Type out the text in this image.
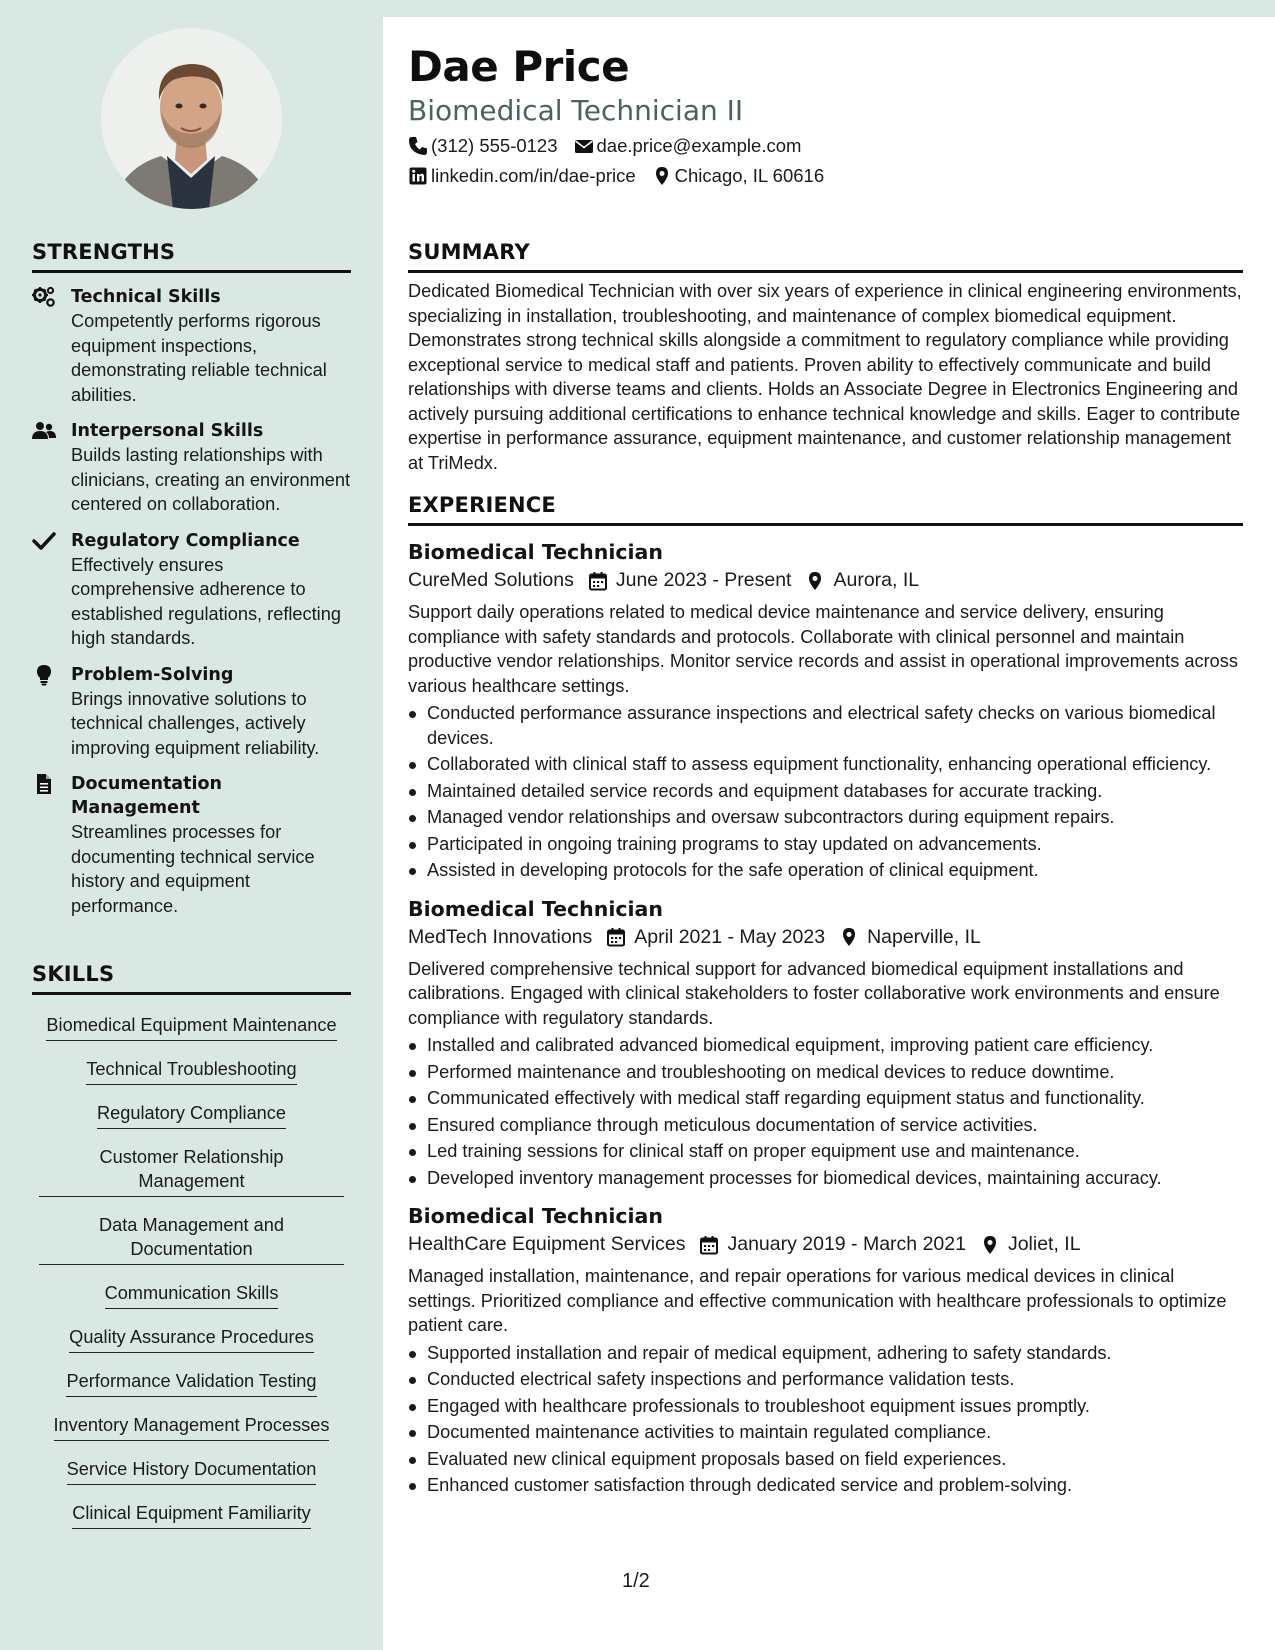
STRENGTHS
Technical Skills
Competently performs rigorous equipment inspections, demonstrating reliable technical abilities.
Interpersonal Skills
Builds lasting relationships with clinicians, creating an environment centered on collaboration.
Regulatory Compliance
Effectively ensures comprehensive adherence to established regulations, reflecting high standards.
Problem-Solving
Brings innovative solutions to technical challenges, actively improving equipment reliability.
Documentation Management
Streamlines processes for documenting technical service history and equipment performance.
SKILLS
Biomedical Equipment Maintenance
Technical Troubleshooting
Regulatory Compliance
Customer Relationship Management
Data Management and Documentation
Communication Skills
Quality Assurance Procedures
Performance Validation Testing
Inventory Management Processes
Service History Documentation
Clinical Equipment Familiarity
Dae Price
Biomedical Technician II
(312) 555-0123 dae.price@example.com
linkedin.com/in/dae-price Chicago, IL 60616
SUMMARY
Dedicated Biomedical Technician with over six years of experience in clinical engineering environments, specializing in installation, troubleshooting, and maintenance of complex biomedical equipment. Demonstrates strong technical skills alongside a commitment to regulatory compliance while providing exceptional service to medical staff and patients. Proven ability to effectively communicate and build relationships with diverse teams and clients. Holds an Associate Degree in Electronics Engineering and actively pursuing additional certifications to enhance technical knowledge and skills. Eager to contribute expertise in performance assurance, equipment maintenance, and customer relationship management at TriMedx.
EXPERIENCE
Biomedical Technician
CureMed Solutions June 2023 - Present Aurora, IL
Support daily operations related to medical device maintenance and service delivery, ensuring compliance with safety standards and protocols. Collaborate with clinical personnel and maintain productive vendor relationships. Monitor service records and assist in operational improvements across various healthcare settings.
Conducted performance assurance inspections and electrical safety checks on various biomedical devices.
Collaborated with clinical staff to assess equipment functionality, enhancing operational efficiency.
Maintained detailed service records and equipment databases for accurate tracking.
Managed vendor relationships and oversaw subcontractors during equipment repairs.
Participated in ongoing training programs to stay updated on advancements.
Assisted in developing protocols for the safe operation of clinical equipment.
Biomedical Technician
MedTech Innovations April 2021 - May 2023 Naperville, IL
Delivered comprehensive technical support for advanced biomedical equipment installations and calibrations. Engaged with clinical stakeholders to foster collaborative work environments and ensure compliance with regulatory standards.
Installed and calibrated advanced biomedical equipment, improving patient care efficiency.
Performed maintenance and troubleshooting on medical devices to reduce downtime.
Communicated effectively with medical staff regarding equipment status and functionality.
Ensured compliance through meticulous documentation of service activities.
Led training sessions for clinical staff on proper equipment use and maintenance.
Developed inventory management processes for biomedical devices, maintaining accuracy.
Biomedical Technician
HealthCare Equipment Services January 2019 - March 2021 Joliet, IL
Managed installation, maintenance, and repair operations for various medical devices in clinical settings. Prioritized compliance and effective communication with healthcare professionals to optimize patient care.
Supported installation and repair of medical equipment, adhering to safety standards.
Conducted electrical safety inspections and performance validation tests.
Engaged with healthcare professionals to troubleshoot equipment issues promptly.
Documented maintenance activities to maintain regulated compliance.
Evaluated new clinical equipment proposals based on field experiences.
Enhanced customer satisfaction through dedicated service and problem-solving.
1/2
